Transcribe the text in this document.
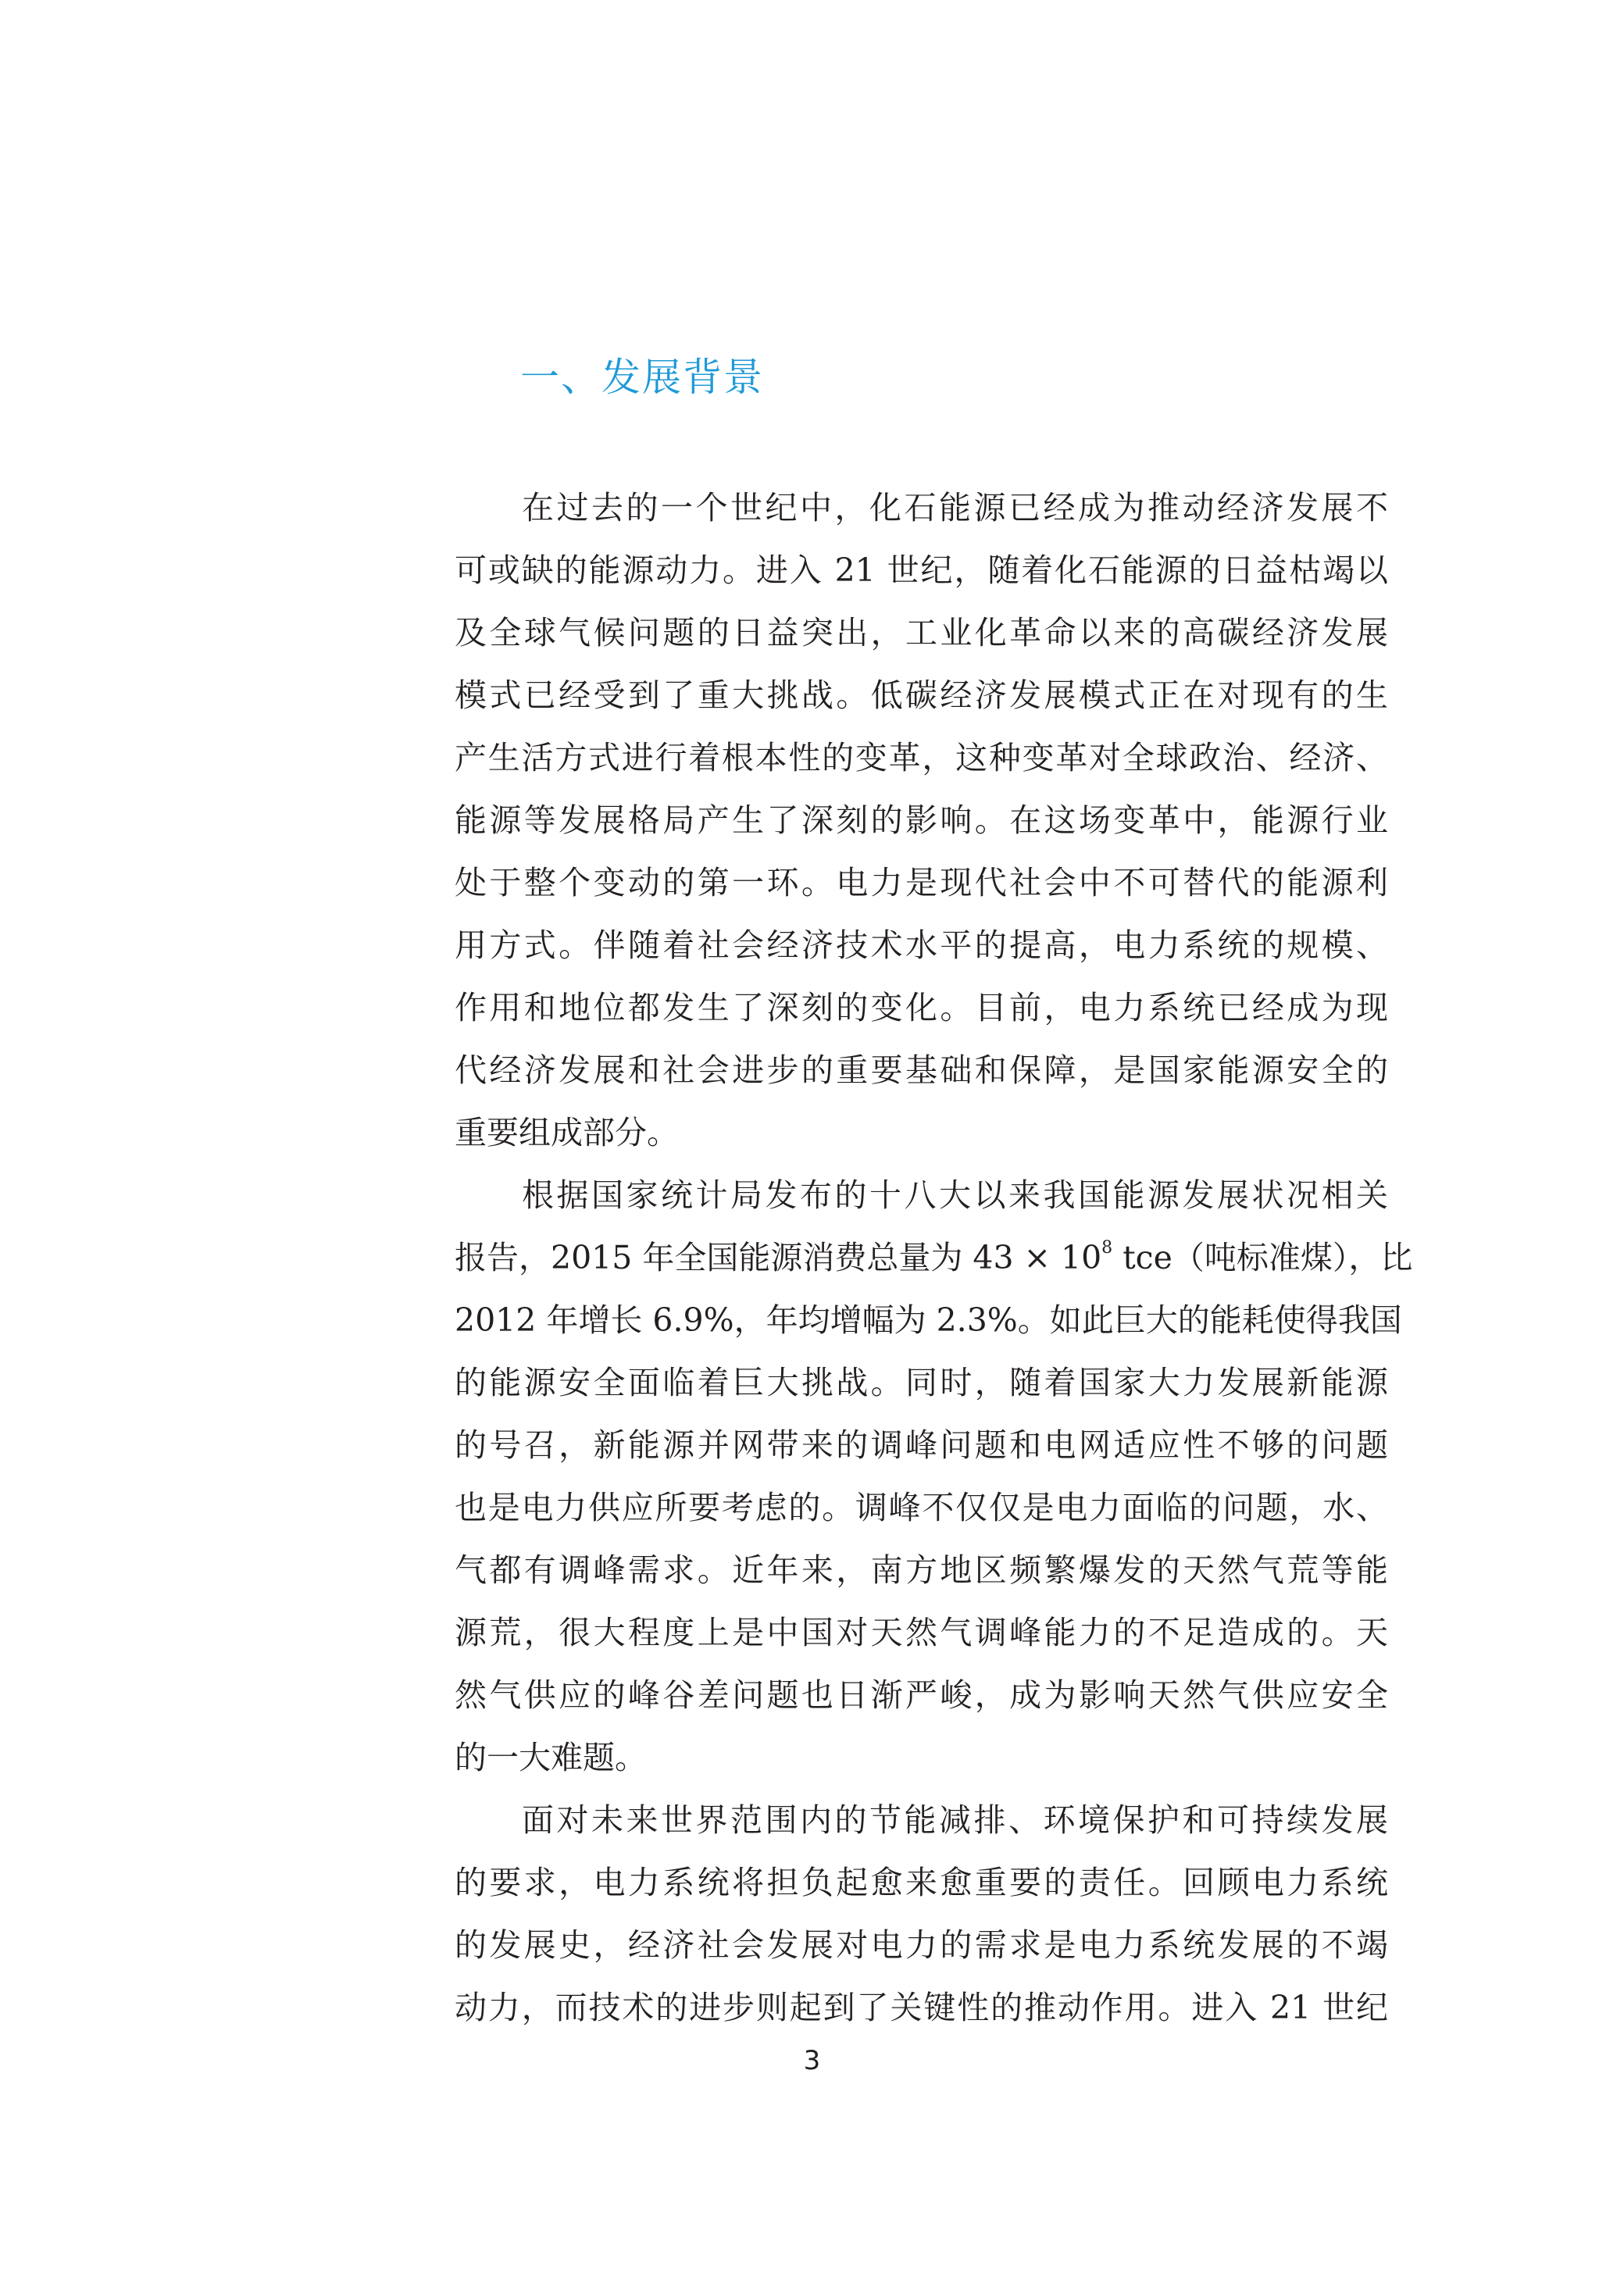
一、发展背景
在过去的一个世纪中，化石能源已经成为推动经济发展不
可或缺的能源动力。进入 21 世纪，随着化石能源的日益枯竭以
及全球气候问题的日益突出，工业化革命以来的高碳经济发展
模式已经受到了重大挑战。低碳经济发展模式正在对现有的生
产生活方式进行着根本性的变革，这种变革对全球政治、经济、
能源等发展格局产生了深刻的影响。在这场变革中，能源行业
处于整个变动的第一环。电力是现代社会中不可替代的能源利
用方式。伴随着社会经济技术水平的提高，电力系统的规模、
作用和地位都发生了深刻的变化。目前，电力系统已经成为现
代经济发展和社会进步的重要基础和保障，是国家能源安全的
重要组成部分。
根据国家统计局发布的十八大以来我国能源发展状况相关
报告，2015 年全国能源消费总量为 $43 \times 10^8$ tce（吨标准煤），比
2012 年增长 6.9%，年均增幅为 2.3%。如此巨大的能耗使得我国
的能源安全面临着巨大挑战。同时，随着国家大力发展新能源
的号召，新能源并网带来的调峰问题和电网适应性不够的问题
也是电力供应所要考虑的。调峰不仅仅是电力面临的问题，水、
气都有调峰需求。近年来，南方地区频繁爆发的天然气荒等能
源荒，很大程度上是中国对天然气调峰能力的不足造成的。天
然气供应的峰谷差问题也日渐严峻，成为影响天然气供应安全
的一大难题。
面对未来世界范围内的节能减排、环境保护和可持续发展
的要求，电力系统将担负起愈来愈重要的责任。回顾电力系统
的发展史，经济社会发展对电力的需求是电力系统发展的不竭
动力，而技术的进步则起到了关键性的推动作用。进入 21 世纪
3
